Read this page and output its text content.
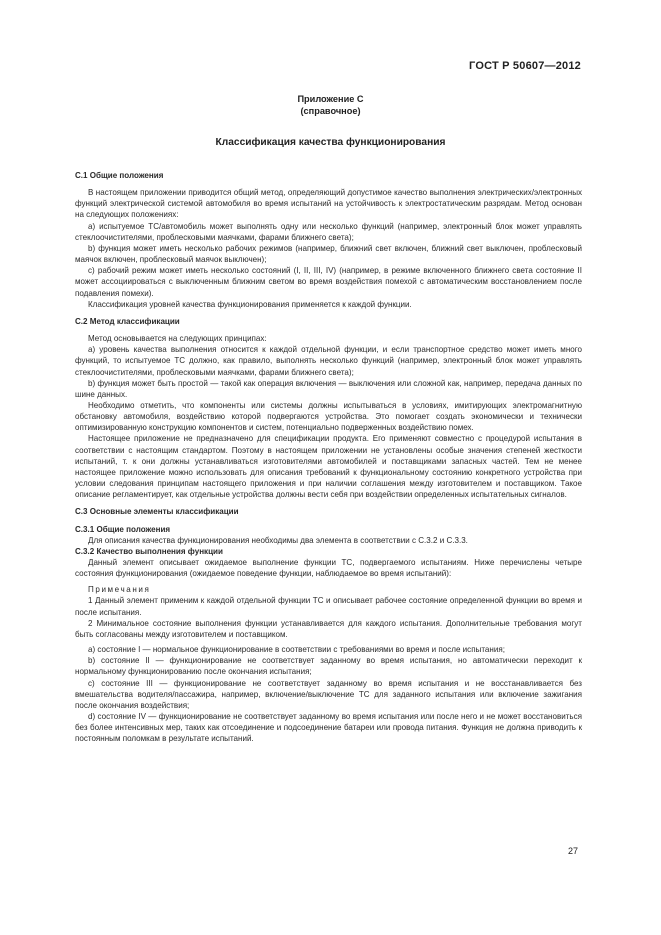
ГОСТ Р 50607—2012
Приложение С
(справочное)
Классификация качества функционирования

С.1 Общие положения

В настоящем приложении приводится общий метод, определяющий допустимое качество выполнения электрических/электронных функций электрической системой автомобиля во время испытаний на устойчивость к электростатическим разрядам. Метод основан на следующих положениях:

а) испытуемое ТС/автомобиль может выполнять одну или несколько функций (например, электронный блок может управлять стеклоочистителями, проблесковыми маячками, фарами ближнего света);

b) функция может иметь несколько рабочих режимов (например, ближний свет включен, ближний свет выключен, проблесковый маячок включен, проблесковый маячок выключен);

с) рабочий режим может иметь несколько состояний (I, II, III, IV) (например, в режиме включенного ближнего света состояние II может ассоциироваться с выключенным ближним светом во время воздействия помехой с автоматическим восстановлением после подавления помехи).

Классификация уровней качества функционирования применяется к каждой функции.

С.2 Метод классификации

Метод основывается на следующих принципах:

а) уровень качества выполнения относится к каждой отдельной функции, и если транспортное средство может иметь много функций, то испытуемое ТС должно, как правило, выполнять несколько функций (например, электронный блок может управлять стеклоочистителями, проблесковыми маячками, фарами ближнего света);

b) функция может быть простой — такой как операция включения — выключения или сложной как, например, передача данных по шине данных.

Необходимо отметить, что компоненты или системы должны испытываться в условиях, имитирующих электромагнитную обстановку автомобиля, воздействию которой подвергаются устройства. Это помогает создать экономически и технически оптимизированную конструкцию компонентов и систем, потенциально подверженных воздействию помех.

Настоящее приложение не предназначено для спецификации продукта. Его применяют совместно с процедурой испытания в соответствии с настоящим стандартом. Поэтому в настоящем приложении не установлены особые значения степеней жесткости испытаний, т. к они должны устанавливаться изготовителями автомобилей и поставщиками запасных частей. Тем не менее настоящее приложение можно использовать для описания требований к функциональному состоянию конкретного устройства при условии следования принципам настоящего приложения и при наличии соглашения между изготовителем и поставщиком. Такое описание регламентирует, как отдельные устройства должны вести себя при воздействии определенных испытательных сигналов.

С.3 Основные элементы классификации

С.3.1 Общие положения

Для описания качества функционирования необходимы два элемента в соответствии с С.3.2 и С.3.3.

С.3.2 Качество выполнения функции

Данный элемент описывает ожидаемое выполнение функции ТС, подвергаемого испытаниям. Ниже перечислены четыре состояния функционирования (ожидаемое поведение функции, наблюдаемое во время испытаний):

Примечания

1 Данный элемент применим к каждой отдельной функции ТС и описывает рабочее состояние определенной функции во время и после испытания.

2 Минимальное состояние выполнения функции устанавливается для каждого испытания. Дополнительные требования могут быть согласованы между изготовителем и поставщиком.

а) состояние I — нормальное функционирование в соответствии с требованиями во время и после испытания;

b) состояние II — функционирование не соответствует заданному во время испытания, но автоматически переходит к нормальному функционированию после окончания испытания;

с) состояние III — функционирование не соответствует заданному во время испытания и не восстанавливается без вмешательства водителя/пассажира, например, включение/выключение ТС для заданного испытания или включение зажигания после окончания воздействия;

d) состояние IV — функционирование не соответствует заданному во время испытания или после него и не может восстановиться без более интенсивных мер, таких как отсоединение и подсоединение батареи или провода питания. Функция не должна приводить к постоянным поломкам в результате испытаний.

27
